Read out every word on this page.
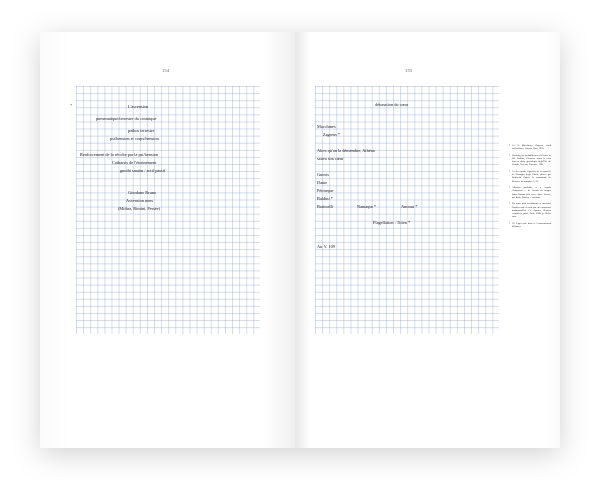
154
+	L'ascension
pneumatique/terrestre du cosmique
pathos terrestre
psi/hension et corps/hension
Renforcement de la révolte par la psi/hension
Catharsis de l'étonnement
gnothi sauton / actif passif
Giordano Bruno
Ascension nons
(Mithra, Rimini, Persée)
155
détonation du cœur
Macchines
Zagreus *
Alors qu'on la démembre, Athéna
sauva son cœur
Gnosis
Dante
Pétrarque
Baldini *
Botticelli	Namaqin *	Anceau *
Flagellation : Titien *
Air V. 109
• Cf. V. Macchioro, Zagreus, studi sull'orfismo, Laterza, Bari, 1920.
• Warburg (né probablement référence à) I.B. Baldini, Discorso sopra la cosa haveva dello genealogia degli'Dèi de' Gentili, Venezia, Florence, 1561.
• Cf. Les quatre figurales de la nouvelle de Namagin degli Uberti, placée par Botticelli d'après la commande de Boccace dit nommee V, A1.
• Allusion probable à a copula Conjunctio », de l'avatar de langue latine Barana faite avec. Spec. Veneto, per Italia, Basilea, e suivants.
• Un autre plan méridional en enceintes l'aspiles ante à mort par des amazones traditionnelles. Cf. Apenne, Œuvres complètes, publ., Paris, 2008, p. 394 et suiv.
• Cf. Liget note dans le Couronnement d'Epinea.
